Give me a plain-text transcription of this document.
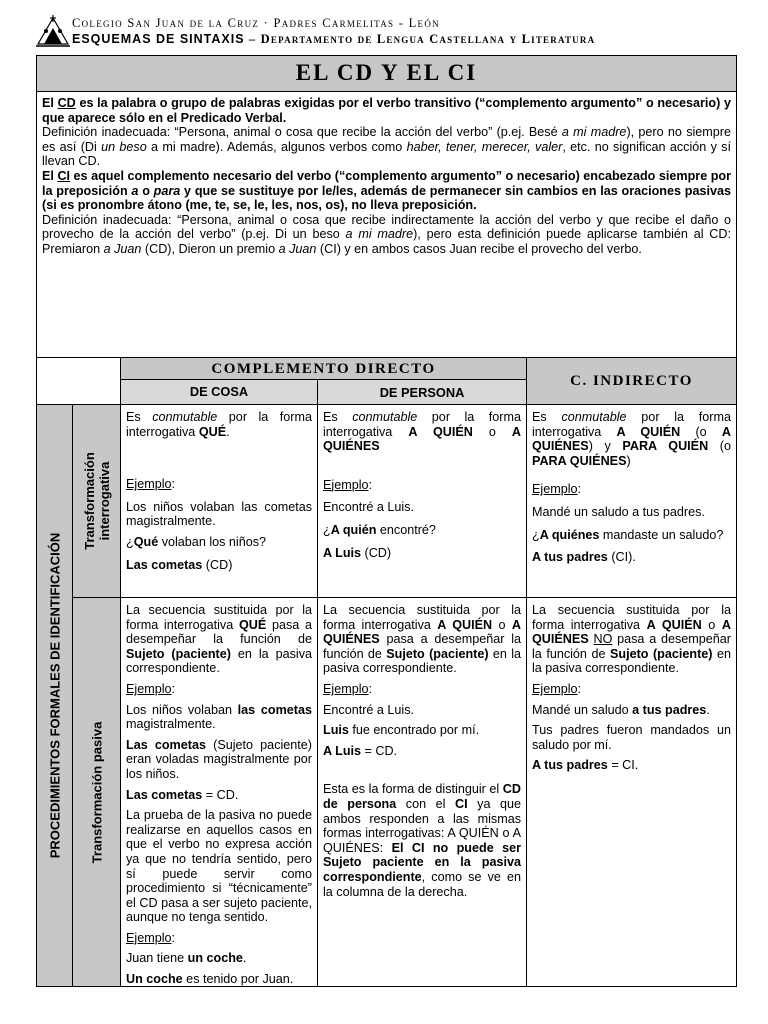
Colegio San Juan de la Cruz · Padres Carmelitas - León
ESQUEMAS DE SINTAXIS – Departamento de Lengua Castellana y Literatura
EL CD Y EL CI

El CD es la palabra o grupo de palabras exigidas por el verbo transitivo (“complemento argumento” o necesario) y que aparece sólo en el Predicado Verbal.

Definición inadecuada: “Persona, animal o cosa que recibe la acción del verbo” (p.ej. Besé a mi madre), pero no siempre es así (Di un beso a mi madre). Además, algunos verbos como haber, tener, merecer, valer, etc. no significan acción y sí llevan CD.

El CI es aquel complemento necesario del verbo (“complemento argumento” o necesario) encabezado siempre por la preposición a o para y que se sustituye por le/les, además de permanecer sin cambios en las oraciones pasivas (si es pronombre átono (me, te, se, le, les, nos, os), no lleva preposición.

Definición inadecuada: “Persona, animal o cosa que recibe indirectamente la acción del verbo y que recibe el daño o provecho de la acción del verbo” (p.ej. Di un beso a mi madre), pero esta definición puede aplicarse también al CD: Premiaron a Juan (CD), Dieron un premio a Juan (CI) y en ambos casos Juan recibe el provecho del verbo.

COMPLEMENTO DIRECTO
DE COSA	DE PERSONA
C. INDIRECTO
PROCEDIMIENTOS FORMALES DE IDENTIFICACIÓN
Transformación
interrogativa
Transformación pasiva

Es conmutable por la forma interrogativa QUÉ.

Ejemplo:

Los niños volaban las cometas magistralmente.

¿Qué volaban los niños?

Las cometas (CD)

Es conmutable por la forma interrogativa A QUIÉN o A QUIÉNES

Ejemplo:

Encontré a Luis.

¿A quién encontré?

A Luis (CD)

Es conmutable por la forma interrogativa A QUIÉN (o A QUIÉNES) y PARA QUIÉN (o PARA QUIÉNES)

Ejemplo:

Mandé un saludo a tus padres.

¿A quiénes mandaste un saludo?

A tus padres (CI).

La secuencia sustituida por la forma interrogativa QUÉ pasa a desempeñar la función de Sujeto (paciente) en la pasiva correspondiente.

Ejemplo:

Los niños volaban las cometas magistralmente.

Las cometas (Sujeto paciente) eran voladas magistralmente por los niños.

Las cometas = CD.

La prueba de la pasiva no puede realizarse en aquellos casos en que el verbo no expresa acción ya que no tendría sentido, pero sí puede servir como procedimiento si “técnicamente” el CD pasa a ser sujeto paciente, aunque no tenga sentido.

Ejemplo:

Juan tiene un coche.

Un coche es tenido por Juan.

La secuencia sustituida por la forma interrogativa A QUIÉN o A QUIÉNES pasa a desempeñar la función de Sujeto (paciente) en la pasiva correspondiente.

Ejemplo:

Encontré a Luis.

Luis fue encontrado por mí.

A Luis = CD.

Esta es la forma de distinguir el CD de persona con el CI ya que ambos responden a las mismas formas interrogativas: A QUIÉN o A QUIÉNES: El CI no puede ser Sujeto paciente en la pasiva correspondiente, como se ve en la columna de la derecha.

La secuencia sustituida por la forma interrogativa A QUIÉN o A QUIÉNES NO pasa a desempeñar la función de Sujeto (paciente) en la pasiva correspondiente.

Ejemplo:

Mandé un saludo a tus padres.

Tus padres fueron mandados un saludo por mí.

A tus padres = CI.
